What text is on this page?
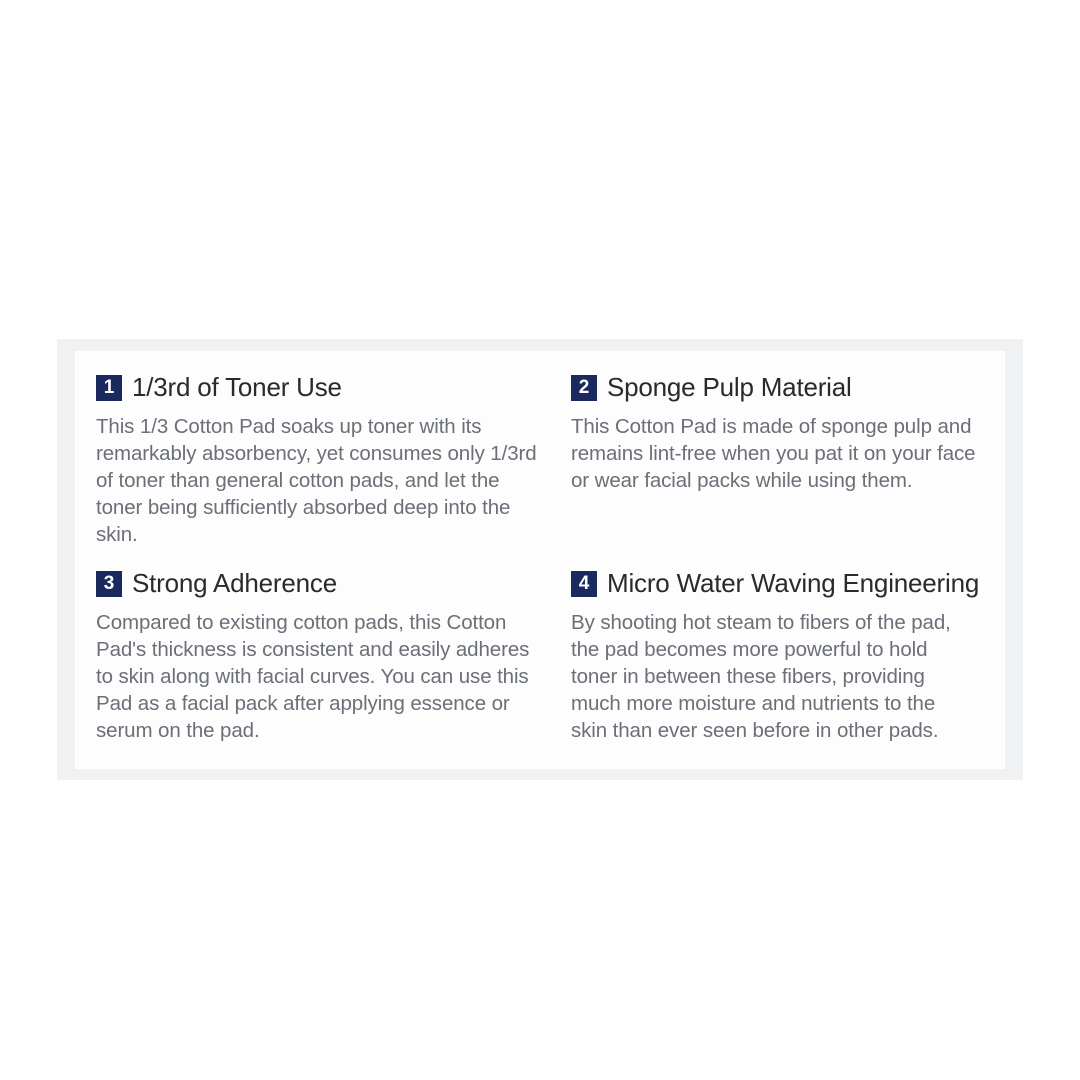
1 1/3rd of Toner Use
This 1/3 Cotton Pad soaks up toner with its remarkably absorbency, yet consumes only 1/3rd of toner than general cotton pads, and let the toner being sufficiently absorbed deep into the skin.
2 Sponge Pulp Material
This Cotton Pad is made of sponge pulp and remains lint-free when you pat it on your face or wear facial packs while using them.
3 Strong Adherence
Compared to existing cotton pads, this Cotton Pad's thickness is consistent and easily adheres to skin along with facial curves. You can use this Pad as a facial pack after applying essence or serum on the pad.
4 Micro Water Waving Engineering
By shooting hot steam to fibers of the pad, the pad becomes more powerful to hold toner in between these fibers, providing much more moisture and nutrients to the skin than ever seen before in other pads.
